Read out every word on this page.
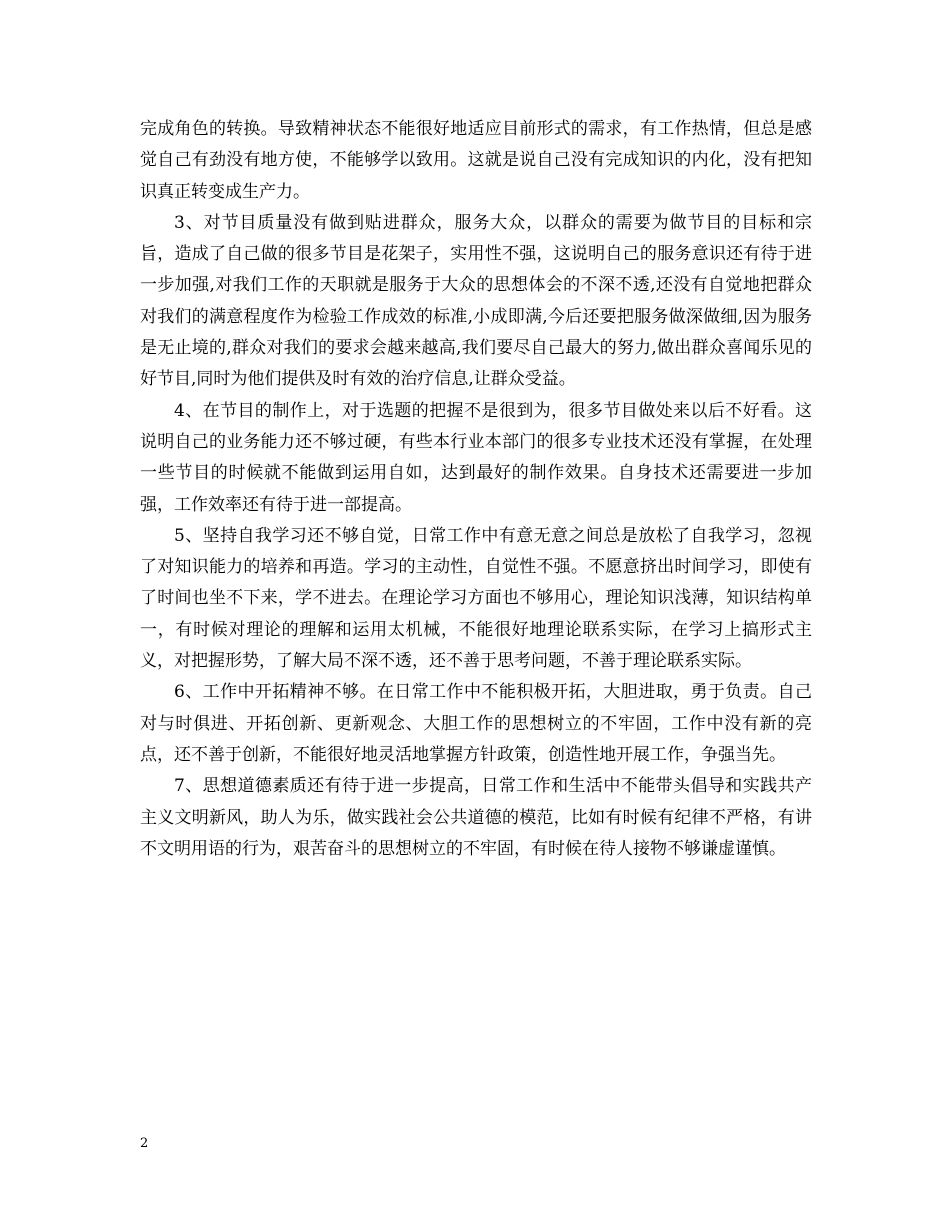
完成角色的转换。导致精神状态不能很好地适应目前形式的需求，有工作热情，但总是感觉自己有劲没有地方使，不能够学以致用。这就是说自己没有完成知识的内化，没有把知识真正转变成生产力。

3、对节目质量没有做到贴进群众，服务大众，以群众的需要为做节目的目标和宗旨，造成了自己做的很多节目是花架子，实用性不强，这说明自己的服务意识还有待于进一步加强,对我们工作的天职就是服务于大众的思想体会的不深不透,还没有自觉地把群众对我们的满意程度作为检验工作成效的标准,小成即满,今后还要把服务做深做细,因为服务是无止境的,群众对我们的要求会越来越高,我们要尽自己最大的努力,做出群众喜闻乐见的好节目,同时为他们提供及时有效的治疗信息,让群众受益。

4、在节目的制作上，对于选题的把握不是很到为，很多节目做处来以后不好看。这说明自己的业务能力还不够过硬，有些本行业本部门的很多专业技术还没有掌握，在处理一些节目的时候就不能做到运用自如，达到最好的制作效果。自身技术还需要进一步加强，工作效率还有待于进一部提高。

5、坚持自我学习还不够自觉，日常工作中有意无意之间总是放松了自我学习，忽视了对知识能力的培养和再造。学习的主动性，自觉性不强。不愿意挤出时间学习，即使有了时间也坐不下来，学不进去。在理论学习方面也不够用心，理论知识浅薄，知识结构单一，有时候对理论的理解和运用太机械，不能很好地理论联系实际，在学习上搞形式主义，对把握形势，了解大局不深不透，还不善于思考问题，不善于理论联系实际。

6、工作中开拓精神不够。在日常工作中不能积极开拓，大胆进取，勇于负责。自己对与时俱进、开拓创新、更新观念、大胆工作的思想树立的不牢固，工作中没有新的亮点，还不善于创新，不能很好地灵活地掌握方针政策，创造性地开展工作，争强当先。

7、思想道德素质还有待于进一步提高，日常工作和生活中不能带头倡导和实践共产主义文明新风，助人为乐，做实践社会公共道德的模范，比如有时候有纪律不严格，有讲不文明用语的行为，艰苦奋斗的思想树立的不牢固，有时候在待人接物不够谦虚谨慎。

2
